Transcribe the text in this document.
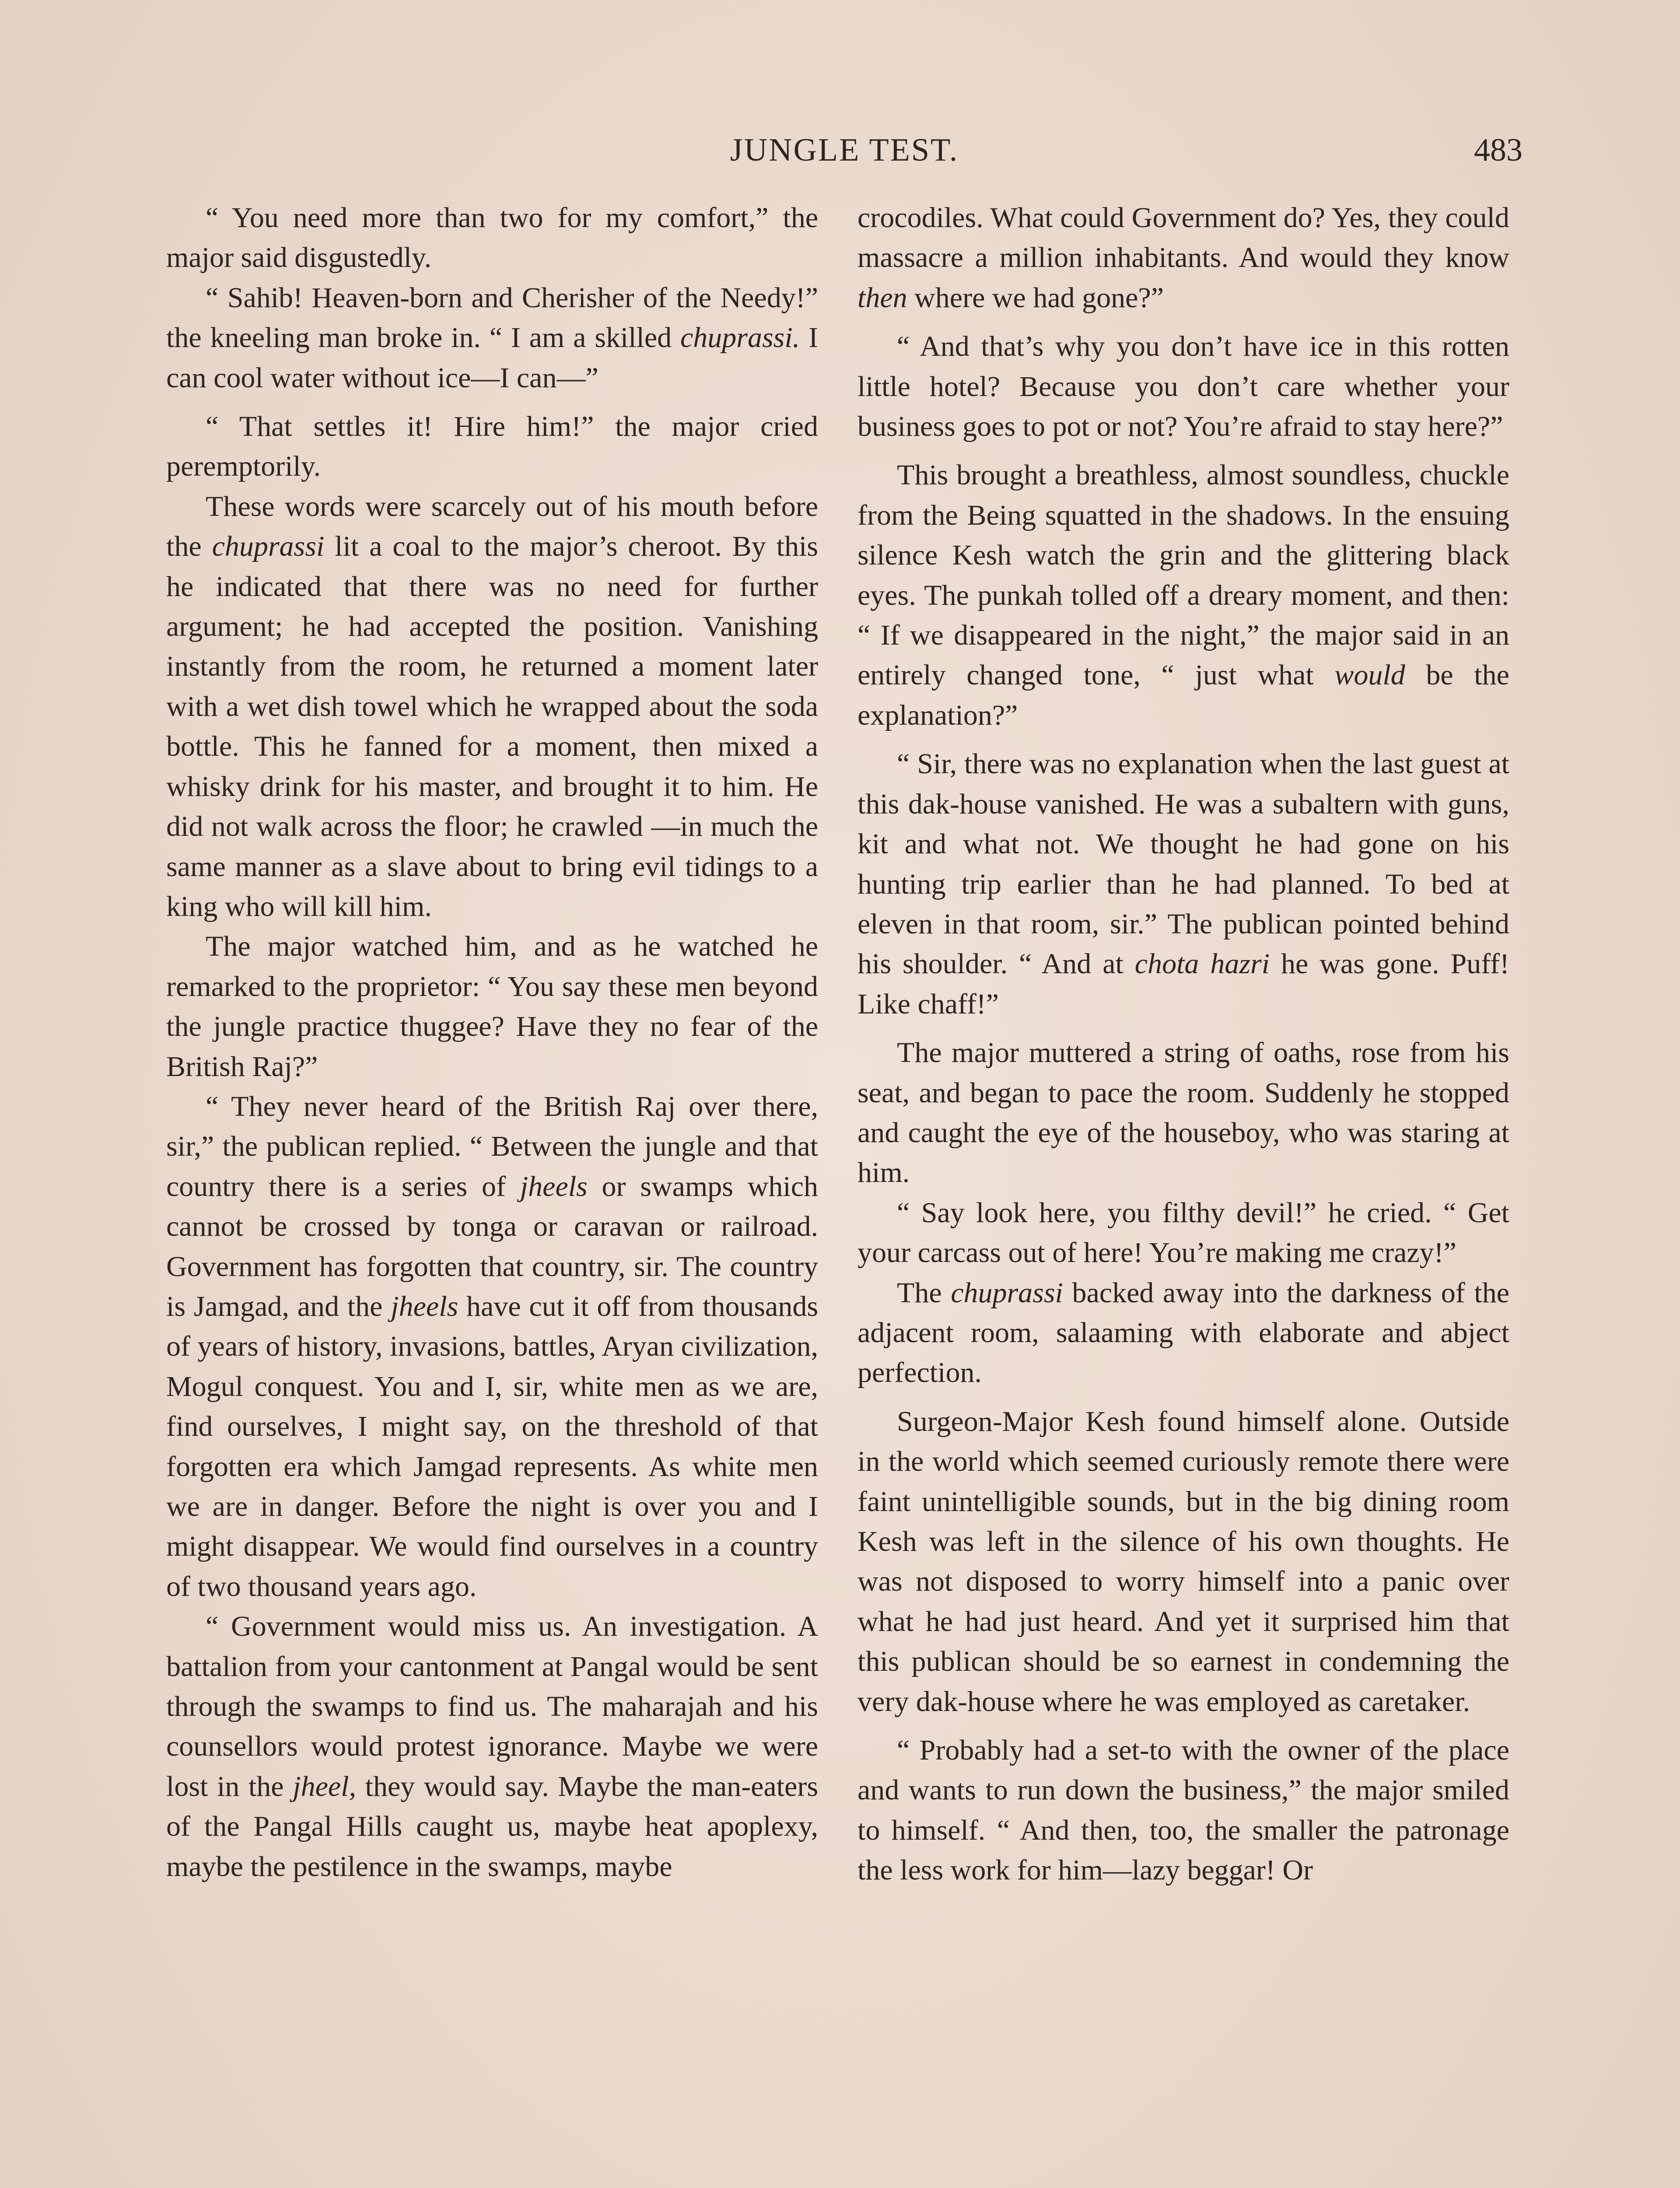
JUNGLE TEST.	483

“ You need more than two for my comfort,” the major said disgustedly.

“ Sahib! Heaven-born and Cherisher of the Needy!” the kneeling man broke in. “ I am a skilled chuprassi. I can cool water without ice—I can—”

“ That settles it! Hire him!” the major cried peremptorily.

These words were scarcely out of his mouth before the chuprassi lit a coal to the major’s cheroot. By this he indicated that there was no need for further argument; he had accepted the position. Vanishing instantly from the room, he returned a moment later with a wet dish towel which he wrapped about the soda bottle. This he fanned for a moment, then mixed a whisky drink for his master, and brought it to him. He did not walk across the floor; he crawled —in much the same manner as a slave about to bring evil tidings to a king who will kill him.

The major watched him, and as he watched he remarked to the proprietor: “ You say these men beyond the jungle practice thuggee? Have they no fear of the British Raj?”

“ They never heard of the British Raj over there, sir,” the publican replied. “ Between the jungle and that country there is a series of jheels or swamps which cannot be crossed by tonga or caravan or railroad. Government has forgotten that country, sir. The country is Jamgad, and the jheels have cut it off from thousands of years of history, invasions, battles, Aryan civilization, Mogul conquest. You and I, sir, white men as we are, find ourselves, I might say, on the threshold of that forgotten era which Jamgad represents. As white men we are in danger. Before the night is over you and I might disappear. We would find ourselves in a country of two thousand years ago.

“ Government would miss us. An investigation. A battalion from your cantonment at Pangal would be sent through the swamps to find us. The maharajah and his counsellors would protest ignorance. Maybe we were lost in the jheel, they would say. Maybe the man-eaters of the Pangal Hills caught us, maybe heat apoplexy, maybe the pestilence in the swamps, maybe

crocodiles. What could Government do? Yes, they could massacre a million inhabitants. And would they know then where we had gone?”

“ And that’s why you don’t have ice in this rotten little hotel? Because you don’t care whether your business goes to pot or not? You’re afraid to stay here?”

This brought a breathless, almost soundless, chuckle from the Being squatted in the shadows. In the ensuing silence Kesh watch the grin and the glittering black eyes. The punkah tolled off a dreary moment, and then: “ If we disappeared in the night,” the major said in an entirely changed tone, “ just what would be the explanation?”

“ Sir, there was no explanation when the last guest at this dak-house vanished. He was a subaltern with guns, kit and what not. We thought he had gone on his hunting trip earlier than he had planned. To bed at eleven in that room, sir.” The publican pointed behind his shoulder. “ And at chota hazri he was gone. Puff! Like chaff!”

The major muttered a string of oaths, rose from his seat, and began to pace the room. Suddenly he stopped and caught the eye of the houseboy, who was staring at him.

“ Say look here, you filthy devil!” he cried. “ Get your carcass out of here! You’re making me crazy!”

The chuprassi backed away into the darkness of the adjacent room, salaaming with elaborate and abject perfection.

Surgeon-Major Kesh found himself alone. Outside in the world which seemed curiously remote there were faint unintelligible sounds, but in the big dining room Kesh was left in the silence of his own thoughts. He was not disposed to worry himself into a panic over what he had just heard. And yet it surprised him that this publican should be so earnest in condemning the very dak-house where he was employed as caretaker.

“ Probably had a set-to with the owner of the place and wants to run down the business,” the major smiled to himself. “ And then, too, the smaller the patronage the less work for him—lazy beggar! Or
